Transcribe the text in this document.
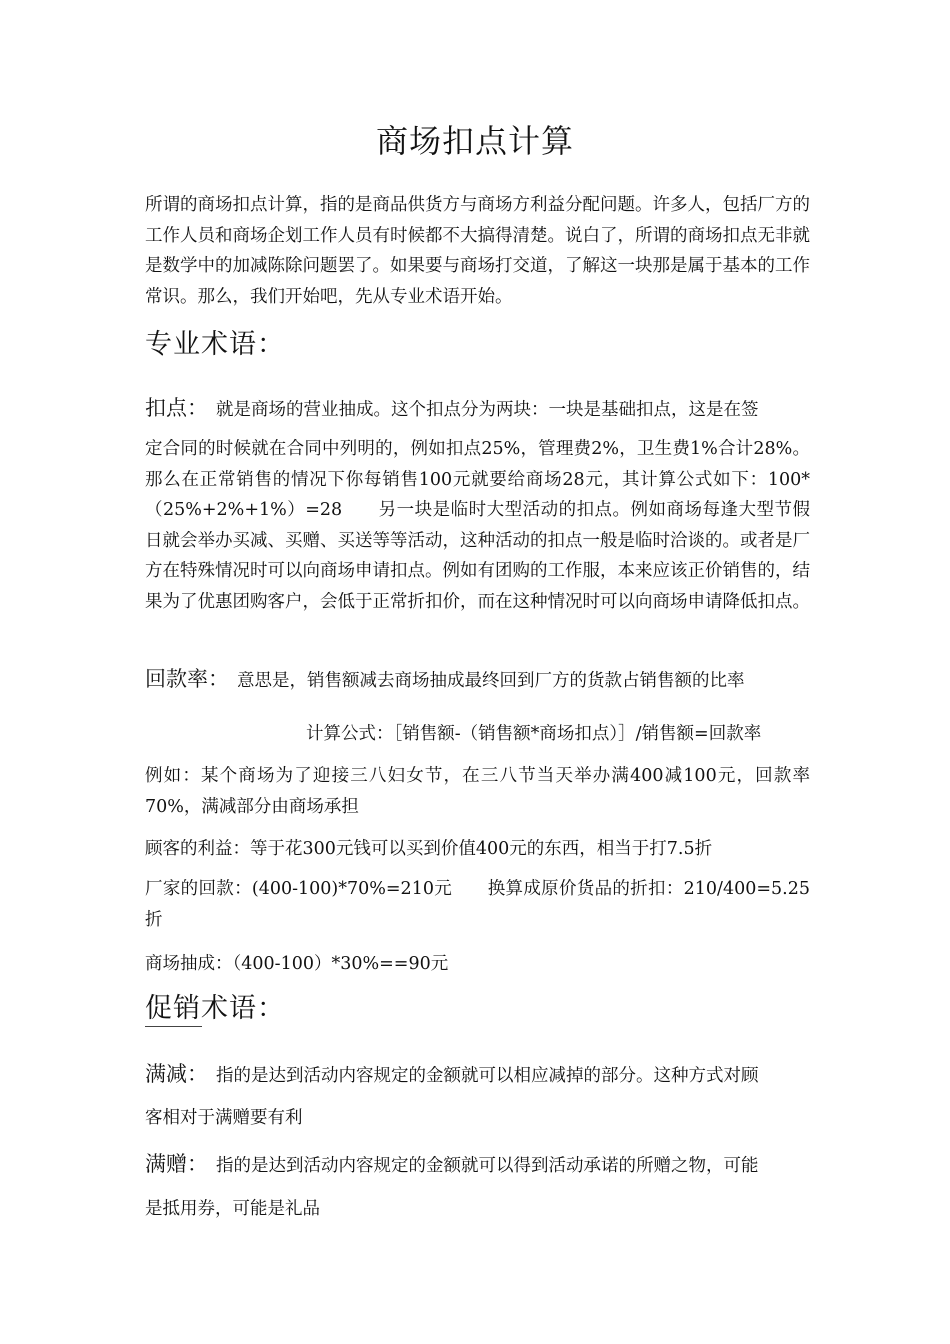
商场扣点计算

所谓的商场扣点计算，指的是商品供货方与商场方利益分配问题。许多人，包括厂方的工作人员和商场企划工作人员有时候都不大搞得清楚。说白了，所谓的商场扣点无非就是数学中的加减陈除问题罢了。如果要与商场打交道，了解这一块那是属于基本的工作常识。那么，我们开始吧，先从专业术语开始。

专业术语：

扣点： 就是商场的营业抽成。这个扣点分为两块：一块是基础扣点，这是在签

定合同的时候就在合同中列明的，例如扣点25%，管理费2%，卫生费1%合计28%。那么在正常销售的情况下你每销售100元就要给商场28元，其计算公式如下：100*（25%+2%+1%）=28　　另一块是临时大型活动的扣点。例如商场每逢大型节假日就会举办买减、买赠、买送等等活动，这种活动的扣点一般是临时洽谈的。或者是厂方在特殊情况时可以向商场申请扣点。例如有团购的工作服，本来应该正价销售的，结果为了优惠团购客户，会低于正常折扣价，而在这种情况时可以向商场申请降低扣点。

回款率： 意思是，销售额减去商场抽成最终回到厂方的货款占销售额的比率

计算公式：［销售额-（销售额*商场扣点）］/销售额=回款率

例如：某个商场为了迎接三八妇女节，在三八节当天举办满400减100元，回款率70%，满减部分由商场承担

顾客的利益：等于花300元钱可以买到价值400元的东西，相当于打7.5折

厂家的回款：(400-100)*70%=210元　　换算成原价货品的折扣：210/400=5.25折

商场抽成：（400-100）*30%==90元

促销术语：

满减： 指的是达到活动内容规定的金额就可以相应减掉的部分。这种方式对顾

客相对于满赠要有利

满赠： 指的是达到活动内容规定的金额就可以得到活动承诺的所赠之物，可能

是抵用券，可能是礼品
